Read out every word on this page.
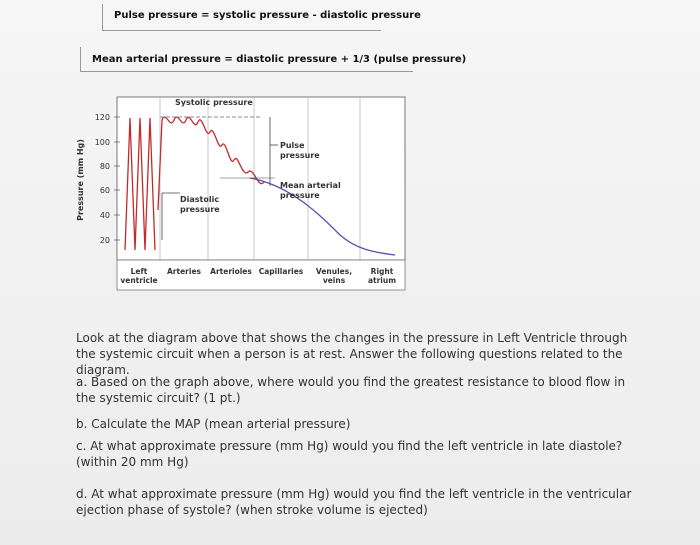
Pulse pressure = systolic pressure - diastolic pressure
Mean arterial pressure = diastolic pressure + 1/3 (pulse pressure)
120
100
80
60
40
20
Pressure (mm Hg)
Systolic pressure
Diastolic
pressure
Pulse
pressure
Mean arterial
pressure
Left
ventricle
Arteries Arterioles Capillaries Venules,
veins
Right
atrium
Look at the diagram above that shows the changes in the pressure in Left Ventricle through the systemic circuit when a person is at rest. Answer the following questions related to the diagram.
a. Based on the graph above, where would you find the greatest resistance to blood flow in the systemic circuit? (1 pt.)
b. Calculate the MAP (mean arterial pressure)
c. At what approximate pressure (mm Hg) would you find the left ventricle in late diastole? (within 20 mm Hg)
d. At what approximate pressure (mm Hg) would you find the left ventricle in the ventricular ejection phase of systole? (when stroke volume is ejected)
